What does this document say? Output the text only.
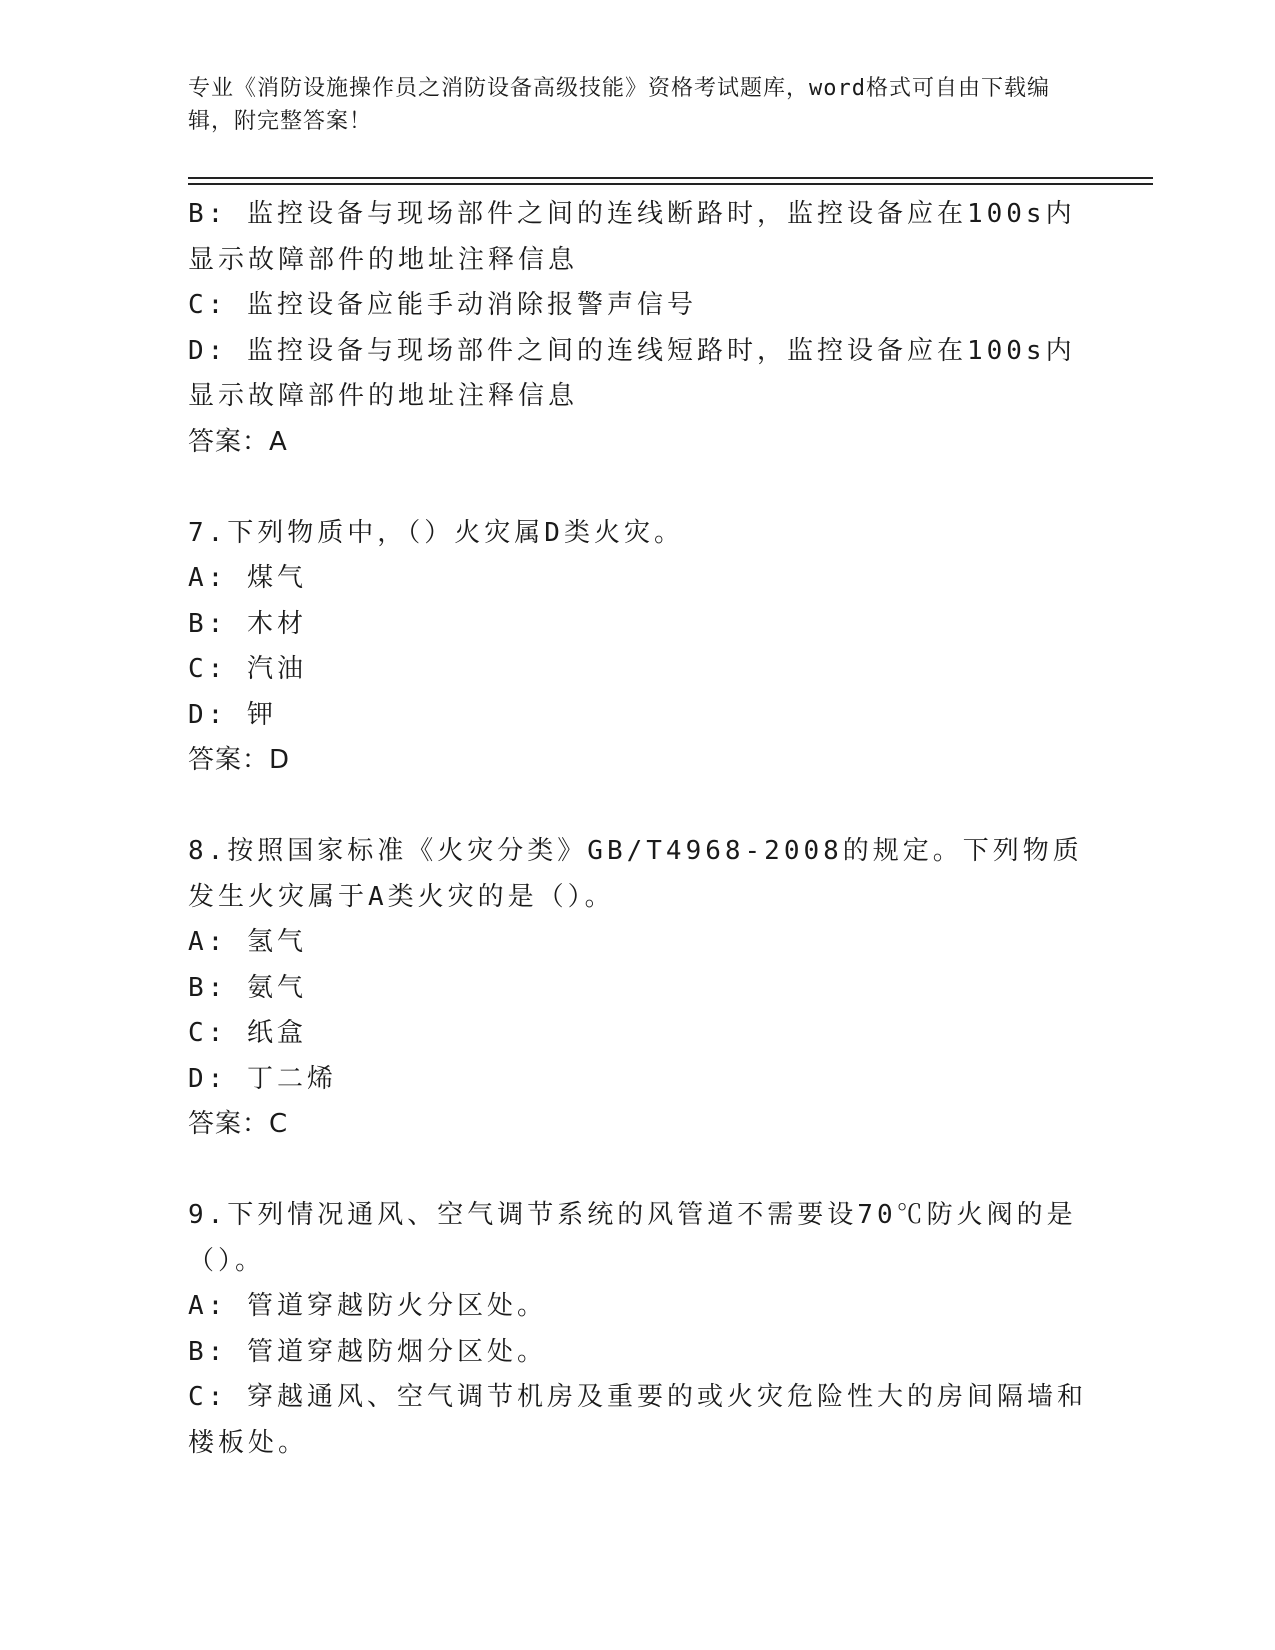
专业《消防设施操作员之消防设备高级技能》资格考试题库，word格式可自由下载编辑，附完整答案！
B: 监控设备与现场部件之间的连线断路时，监控设备应在100s内显示故障部件的地址注释信息
C: 监控设备应能手动消除报警声信号
D: 监控设备与现场部件之间的连线短路时，监控设备应在100s内显示故障部件的地址注释信息
答案：A
7.下列物质中，（）火灾属D类火灾。
A: 煤气
B: 木材
C: 汽油
D: 钾
答案：D
8.按照国家标准《火灾分类》GB/T4968-2008的规定。下列物质发生火灾属于A类火灾的是（）。
A: 氢气
B: 氨气
C: 纸盒
D: 丁二烯
答案：C
9.下列情况通风、空气调节系统的风管道不需要设70℃防火阀的是（）。
A: 管道穿越防火分区处。
B: 管道穿越防烟分区处。
C: 穿越通风、空气调节机房及重要的或火灾危险性大的房间隔墙和楼板处。
